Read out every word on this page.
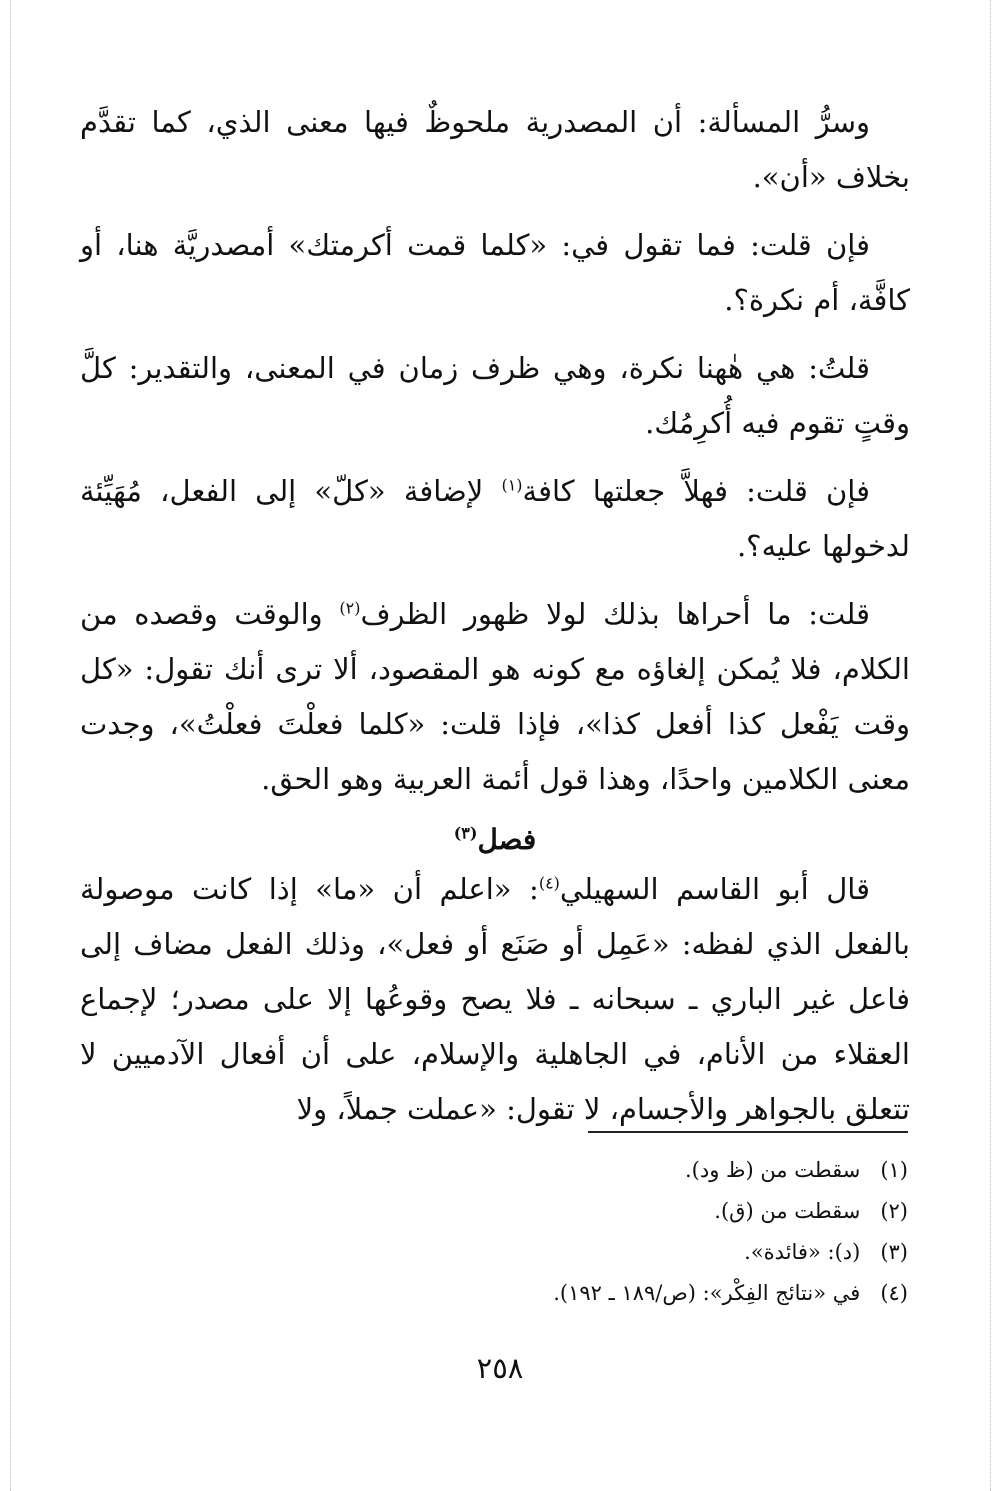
وسرُّ المسألة: أن المصدرية ملحوظٌ فيها معنى الذي، كما تقدَّم بخلاف «أن».

فإن قلت: فما تقول في: «كلما قمت أكرمتك» أمصدريَّة هنا، أو كافَّة، أم نكرة؟.

قلتُ: هي هٰهنا نكرة، وهي ظرف زمان في المعنى، والتقدير: كلَّ وقتٍ تقوم فيه أُكرِمُك.

فإن قلت: فهلاَّ جعلتها كافة$^{(١)}$ لإضافة «كلّ» إلى الفعل، مُهَيِّئة لدخولها عليه؟.

قلت: ما أحراها بذلك لولا ظهور الظرف$^{(٢)}$ والوقت وقصده من الكلام، فلا يُمكن إلغاؤه مع كونه هو المقصود، ألا ترى أنك تقول: «كل وقت يَفْعل كذا أفعل كذا»، فإذا قلت: «كلما فعلْتَ فعلْتُ»، وجدت معنى الكلامين واحدًا، وهذا قول أئمة العربية وهو الحق.

فصل$^{(٣)}$

قال أبو القاسم السهيلي$^{(٤)}$: «اعلم أن «ما» إذا كانت موصولة بالفعل الذي لفظه: «عَمِل أو صَنَع أو فعل»، وذلك الفعل مضاف إلى فاعل غير الباري ـ سبحانه ـ فلا يصح وقوعُها إلا على مصدر؛ لإجماع العقلاء من الأنام، في الجاهلية والإسلام، على أن أفعال الآدميين لا تتعلق بالجواهر والأجسام، لا تقول: «عملت جملاً، ولا

(١)سقطت من (ظ ود).
(٢)سقطت من (ق).
(٣)(د): «فائدة».
(٤)في «نتائج الفِكْر»: (ص/١٨٩ ـ ١٩٢).
٢٥٨
